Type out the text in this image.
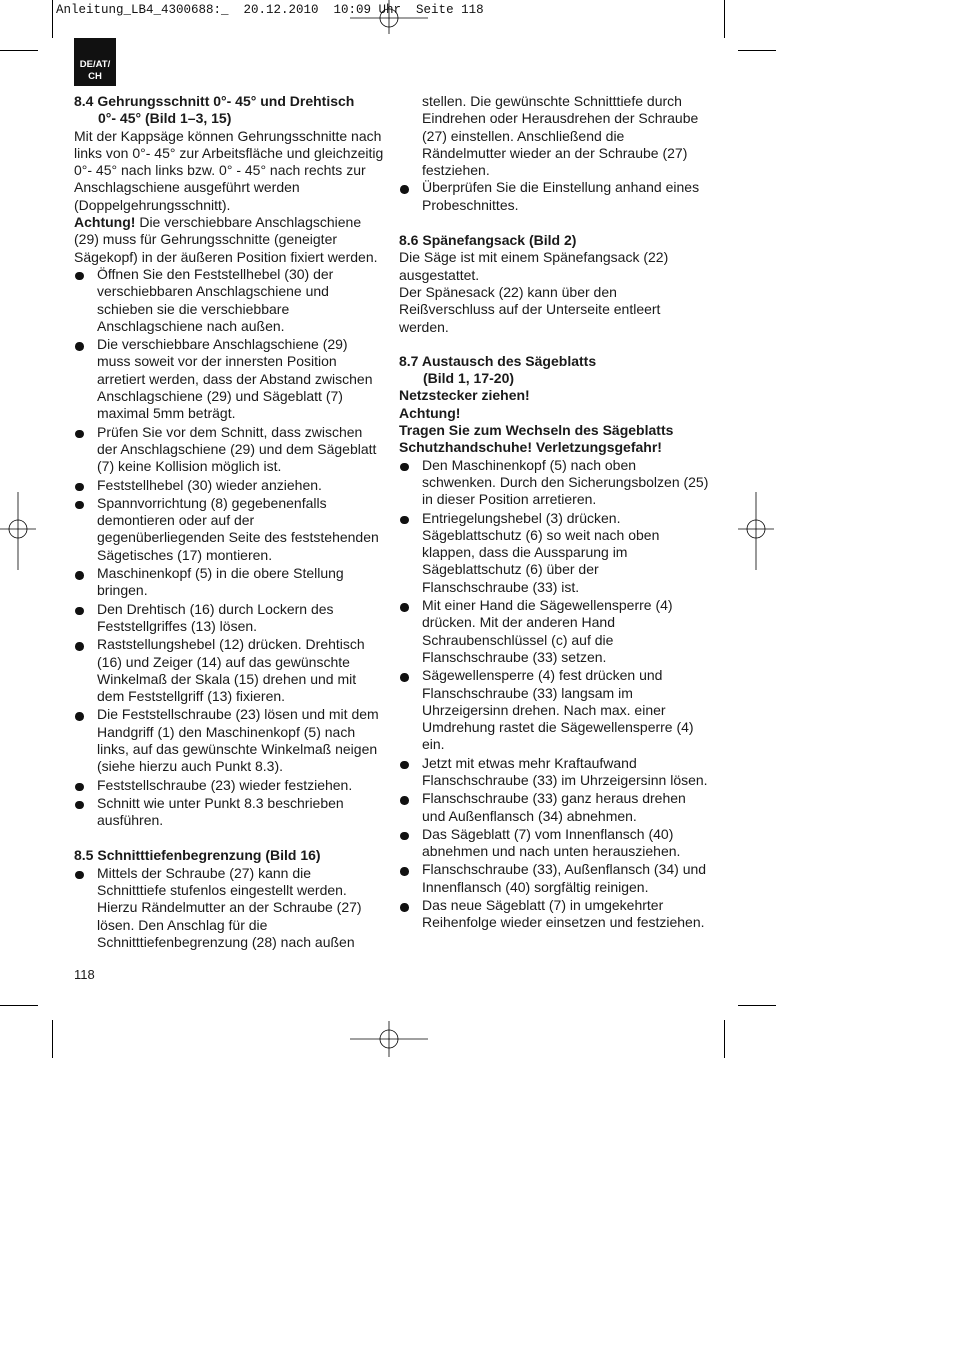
Anleitung_LB4_4300688:_  20.12.2010  10:09 Uhr  Seite 118
DE/AT/
CH
8.4 Gehrungsschnitt 0°- 45° und Drehtisch
0°- 45° (Bild 1–3, 15)

Mit der Kappsäge können Gehrungsschnitte nach links von 0°- 45° zur Arbeitsfläche und gleichzeitig 0°- 45° nach links bzw. 0° - 45° nach rechts zur Anschlagschiene ausgeführt werden (Doppelgehrungsschnitt).

Achtung! Die verschiebbare Anschlagschiene (29) muss für Gehrungsschnitte (geneigter Sägekopf) in der äußeren Position fixiert werden.

Öffnen Sie den Feststellhebel (30) der verschiebbaren Anschlagschiene und schieben sie die verschiebbare Anschlagschiene nach außen.
Die verschiebbare Anschlagschiene (29) muss soweit vor der innersten Position arretiert werden, dass der Abstand zwischen Anschlagschiene (29) und Sägeblatt (7) maximal 5mm beträgt.
Prüfen Sie vor dem Schnitt, dass zwischen der Anschlagschiene (29) und dem Sägeblatt (7) keine Kollision möglich ist.
Feststellhebel (30) wieder anziehen.
Spannvorrichtung (8) gegebenenfalls demontieren oder auf der gegenüberliegenden Seite des feststehenden Sägetisches (17) montieren.
Maschinenkopf (5) in die obere Stellung bringen.
Den Drehtisch (16) durch Lockern des Feststellgriffes (13) lösen.
Raststellungshebel (12) drücken. Drehtisch (16) und Zeiger (14) auf das gewünschte Winkelmaß der Skala (15) drehen und mit dem Feststellgriff (13) fixieren.
Die Feststellschraube (23) lösen und mit dem Handgriff (1) den Maschinenkopf (5) nach links, auf das gewünschte Winkelmaß neigen (siehe hierzu auch Punkt 8.3).
Feststellschraube (23) wieder festziehen.
Schnitt wie unter Punkt 8.3 beschrieben ausführen.
8.5 Schnitttiefenbegrenzung (Bild 16)
Mittels der Schraube (27) kann die Schnitttiefe stufenlos eingestellt werden. Hierzu Rändelmutter an der Schraube (27) lösen. Den Anschlag für die Schnitttiefenbegrenzung (28) nach außen

stellen. Die gewünschte Schnitttiefe durch Eindrehen oder Herausdrehen der Schraube (27) einstellen. Anschließend die Rändelmutter wieder an der Schraube (27) festziehen.

Überprüfen Sie die Einstellung anhand eines Probeschnittes.
8.6 Spänefangsack (Bild 2)

Die Säge ist mit einem Spänefangsack (22) ausgestattet.

Der Spänesack (22) kann über den Reißverschluss auf der Unterseite entleert werden.

8.7 Austausch des Sägeblatts
(Bild 1, 17-20)

Netzstecker ziehen!

Achtung!

Tragen Sie zum Wechseln des Sägeblatts Schutzhandschuhe! Verletzungsgefahr!

Den Maschinenkopf (5) nach oben schwenken. Durch den Sicherungsbolzen (25) in dieser Position arretieren.
Entriegelungshebel (3) drücken. Sägeblattschutz (6) so weit nach oben klappen, dass die Aussparung im Sägeblattschutz (6) über der Flanschschraube (33) ist.
Mit einer Hand die Sägewellensperre (4) drücken. Mit der anderen Hand Schraubenschlüssel (c) auf die Flanschschraube (33) setzen.
Sägewellensperre (4) fest drücken und Flanschschraube (33) langsam im Uhrzeigersinn drehen. Nach max. einer Umdrehung rastet die Sägewellensperre (4) ein.
Jetzt mit etwas mehr Kraftaufwand Flanschschraube (33) im Uhrzeigersinn lösen.
Flanschschraube (33) ganz heraus drehen und Außenflansch (34) abnehmen.
Das Sägeblatt (7) vom Innenflansch (40) abnehmen und nach unten herausziehen.
Flanschschraube (33), Außenflansch (34) und Innenflansch (40) sorgfältig reinigen.
Das neue Sägeblatt (7) in umgekehrter Reihenfolge wieder einsetzen und festziehen.
118
